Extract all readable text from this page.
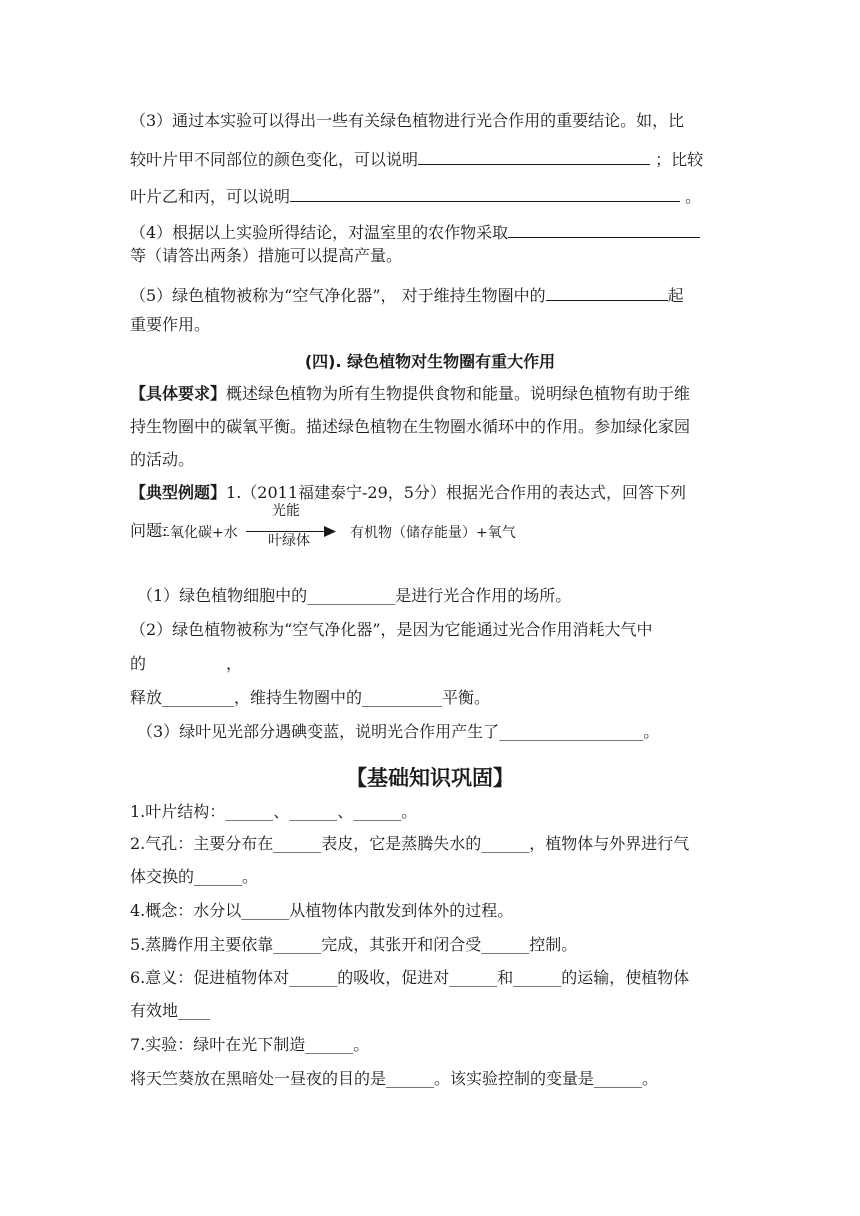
（3）通过本实验可以得出一些有关绿色植物进行光合作用的重要结论。如，比
较叶片甲不同部位的颜色变化，可以说明	；比较
叶片乙和丙，可以说明	。
（4）根据以上实验所得结论，对温室里的农作物采取
等（请答出两条）措施可以提高产量。
（5）绿色植物被称为“空气净化器”， 对于维持生物圈中的	起
重要作用。
(四). 绿色植物对生物圈有重大作用
【具体要求】概述绿色植物为所有生物提供食物和能量。说明绿色植物有助于维
持生物圈中的碳氧平衡。描述绿色植物在生物圈水循环中的作用。参加绿化家园
的活动。
【典型例题】1.（2011福建泰宁-29，5分）根据光合作用的表达式，回答下列
问题:
二氧化碳+水
光能
叶绿体	有机物（储存能量）+氧气
（1）绿色植物细胞中的___________是进行光合作用的场所。
（2）绿色植物被称为“空气净化器”，是因为它能通过光合作用消耗大气中
的　　　　　，
释放_________，维持生物圈中的__________平衡。
（3）绿叶见光部分遇碘变蓝，说明光合作用产生了__________________。
【基础知识巩固】
1.叶片结构：______、______、______。
2.气孔：主要分布在______表皮，它是蒸腾失水的______，植物体与外界进行气
体交换的______。
4.概念：水分以______从植物体内散发到体外的过程。
5.蒸腾作用主要依靠______完成，其张开和闭合受______控制。
6.意义：促进植物体对______的吸收，促进对______和______的运输，使植物体
有效地____
7.实验：绿叶在光下制造______。
将天竺葵放在黑暗处一昼夜的目的是______。该实验控制的变量是______。
